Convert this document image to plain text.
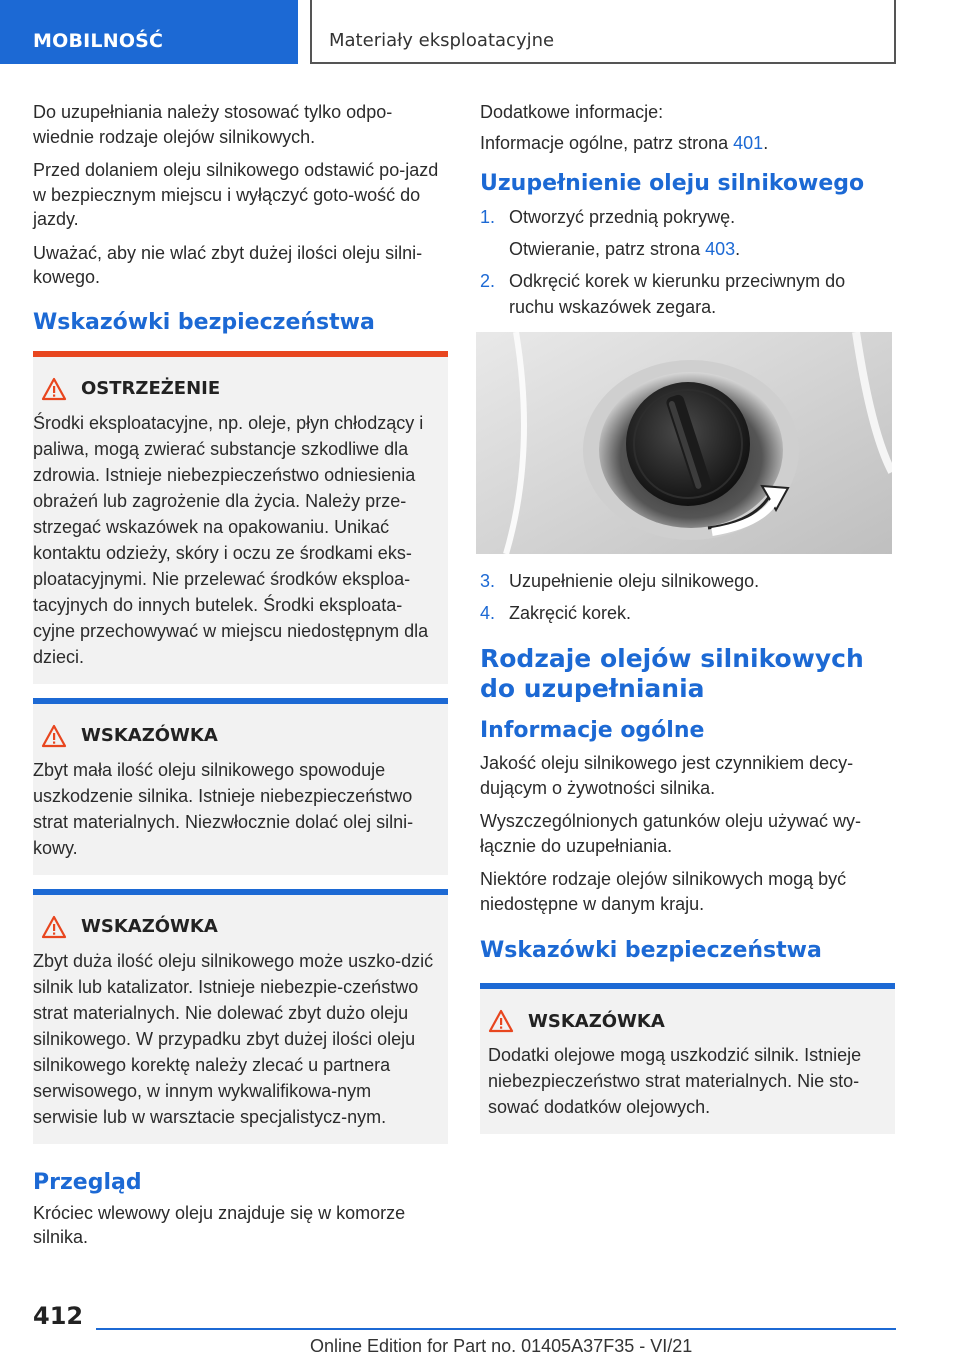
MOBILNOŚĆ	Materiały eksploatacyjne

Do uzupełniania należy stosować tylko odpo-wiednie rodzaje olejów silnikowych.

Przed dolaniem oleju silnikowego odstawić po-jazd w bezpiecznym miejscu i wyłączyć goto-wość do jazdy.

Uważać, aby nie wlać zbyt dużej ilości oleju silni-kowego.

Wskazówki bezpieczeństwa
OSTRZEŻENIE

Środki eksploatacyjne, np. oleje, płyn chłodzący i paliwa, mogą zwierać substancje szkodliwe dla zdrowia. Istnieje niebezpieczeństwo odniesienia obrażeń lub zagrożenie dla życia. Należy prze-strzegać wskazówek na opakowaniu. Unikać kontaktu odzieży, skóry i oczu ze środkami eks-ploatacyjnymi. Nie przelewać środków eksploa-tacyjnych do innych butelek. Środki eksploata-cyjne przechowywać w miejscu niedostępnym dla dzieci.

WSKAZÓWKA

Zbyt mała ilość oleju silnikowego spowoduje uszkodzenie silnika. Istnieje niebezpieczeństwo strat materialnych. Niezwłocznie dolać olej silni-kowy.

WSKAZÓWKA

Zbyt duża ilość oleju silnikowego może uszko-dzić silnik lub katalizator. Istnieje niebezpie-czeństwo strat materialnych. Nie dolewać zbyt dużo oleju silnikowego. W przypadku zbyt dużej ilości oleju silnikowego korektę należy zlecać u partnera serwisowego, w innym wykwalifikowa-nym serwisie lub w warsztacie specjalistycz-nym.

Przegląd

Króciec wlewowy oleju znajduje się w komorze silnika.

Dodatkowe informacje:

Informacje ogólne, patrz strona 401.

Uzupełnienie oleju silnikowego
1. Otworzyć przednią pokrywę.
Otwieranie, patrz strona 403.
2. Odkręcić korek w kierunku przeciwnym do ruchu wskazówek zegara.
3. Uzupełnienie oleju silnikowego.
4. Zakręcić korek.
Rodzaje olejów silnikowych do uzupełniania
Informacje ogólne

Jakość oleju silnikowego jest czynnikiem decy-dującym o żywotności silnika.

Wyszczególnionych gatunków oleju używać wy-łącznie do uzupełniania.

Niektóre rodzaje olejów silnikowych mogą być niedostępne w danym kraju.

Wskazówki bezpieczeństwa
WSKAZÓWKA

Dodatki olejowe mogą uszkodzić silnik. Istnieje niebezpieczeństwo strat materialnych. Nie sto-sować dodatków olejowych.

412
Online Edition for Part no. 01405A37F35 - VI/21
